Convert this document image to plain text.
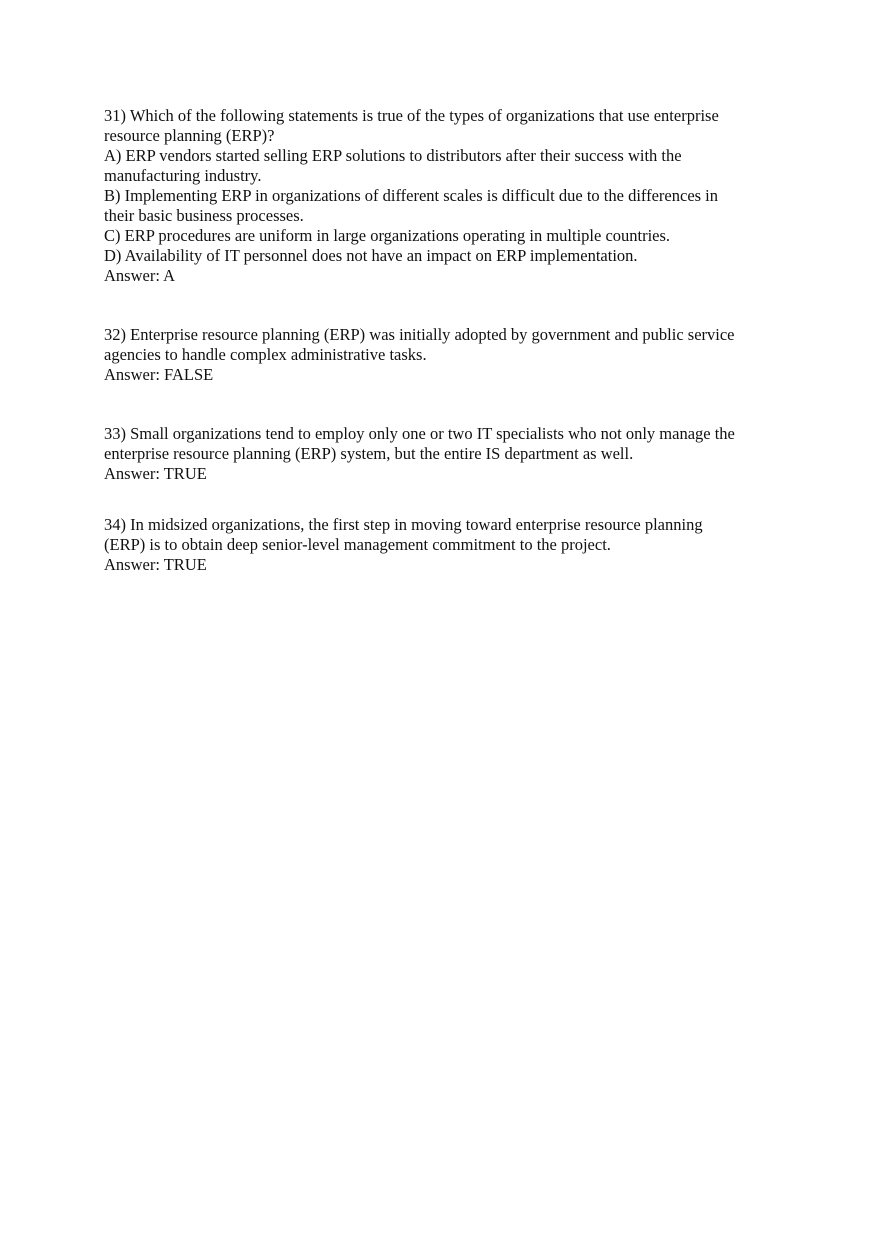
31) Which of the following statements is true of the types of organizations that use enterprise
resource planning (ERP)?
A) ERP vendors started selling ERP solutions to distributors after their success with the
manufacturing industry.
B) Implementing ERP in organizations of different scales is difficult due to the differences in
their basic business processes.
C) ERP procedures are uniform in large organizations operating in multiple countries.
D) Availability of IT personnel does not have an impact on ERP implementation.
Answer: A
32) Enterprise resource planning (ERP) was initially adopted by government and public service
agencies to handle complex administrative tasks.
Answer: FALSE
33) Small organizations tend to employ only one or two IT specialists who not only manage the
enterprise resource planning (ERP) system, but the entire IS department as well.
Answer: TRUE
34) In midsized organizations, the first step in moving toward enterprise resource planning
(ERP) is to obtain deep senior-level management commitment to the project.
Answer: TRUE
